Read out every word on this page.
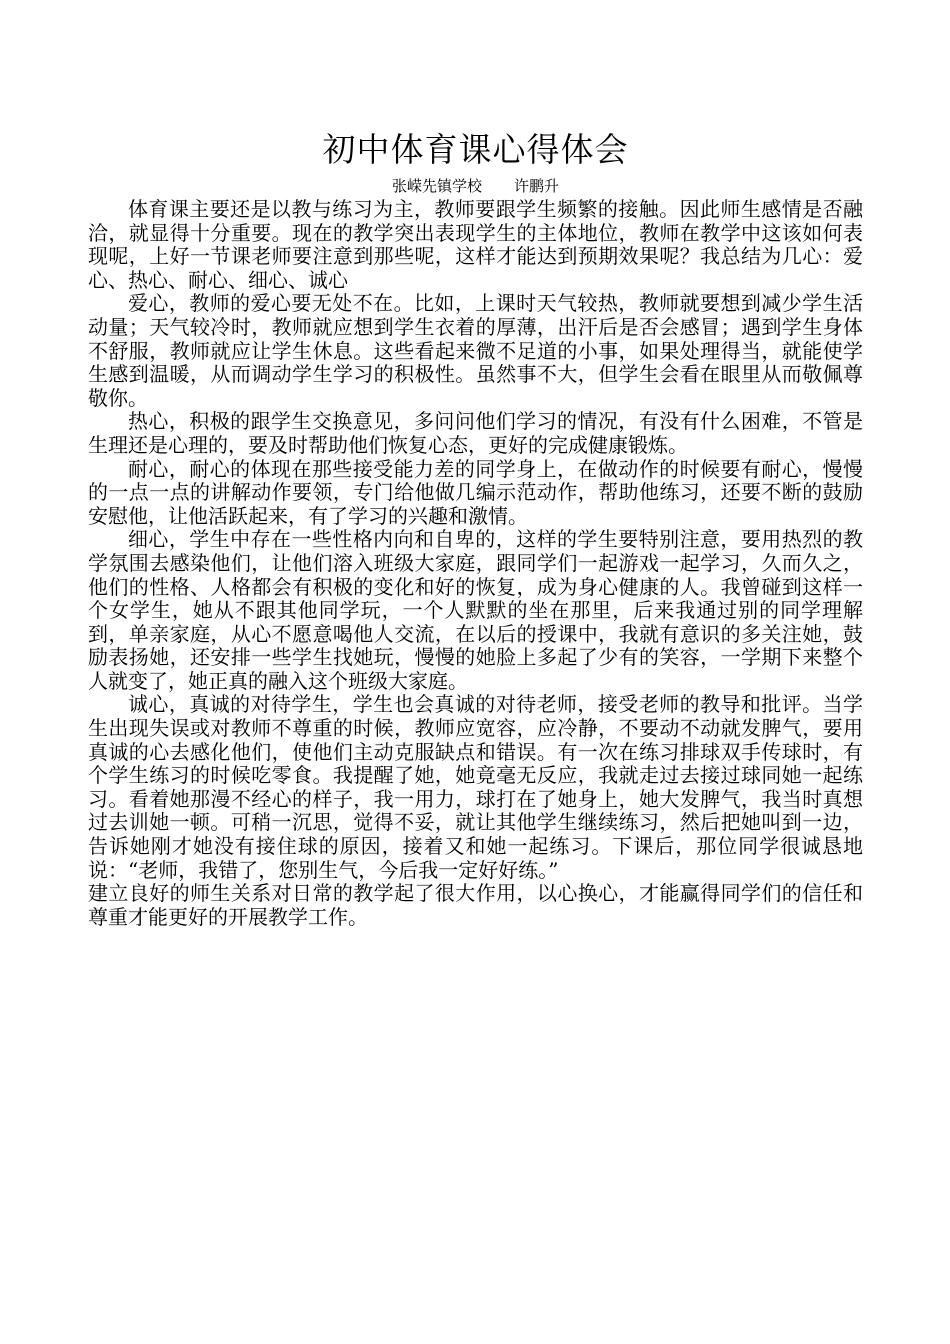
初中体育课心得体会
张嵘先镇学校 许鹏升

体育课主要还是以教与练习为主，教师要跟学生频繁的接触。因此师生感情是否融洽，就显得十分重要。现在的教学突出表现学生的主体地位，教师在教学中这该如何表现呢，上好一节课老师要注意到那些呢，这样才能达到预期效果呢？我总结为几心：爱心、热心、耐心、细心、诚心

爱心，教师的爱心要无处不在。比如，上课时天气较热，教师就要想到减少学生活动量；天气较冷时，教师就应想到学生衣着的厚薄，出汗后是否会感冒；遇到学生身体不舒服，教师就应让学生休息。这些看起来微不足道的小事，如果处理得当，就能使学生感到温暖，从而调动学生学习的积极性。虽然事不大，但学生会看在眼里从而敬佩尊敬你。

热心，积极的跟学生交换意见，多问问他们学习的情况，有没有什么困难，不管是生理还是心理的，要及时帮助他们恢复心态，更好的完成健康锻炼。

耐心，耐心的体现在那些接受能力差的同学身上，在做动作的时候要有耐心，慢慢的一点一点的讲解动作要领，专门给他做几编示范动作，帮助他练习，还要不断的鼓励安慰他，让他活跃起来，有了学习的兴趣和激情。

细心，学生中存在一些性格内向和自卑的，这样的学生要特别注意，要用热烈的教学氛围去感染他们，让他们溶入班级大家庭，跟同学们一起游戏一起学习，久而久之，他们的性格、人格都会有积极的变化和好的恢复，成为身心健康的人。我曾碰到这样一个女学生，她从不跟其他同学玩，一个人默默的坐在那里，后来我通过别的同学理解到，单亲家庭，从心不愿意喝他人交流，在以后的授课中，我就有意识的多关注她，鼓励表扬她，还安排一些学生找她玩，慢慢的她脸上多起了少有的笑容，一学期下来整个人就变了，她正真的融入这个班级大家庭。

诚心，真诚的对待学生，学生也会真诚的对待老师，接受老师的教导和批评。当学生出现失误或对教师不尊重的时候，教师应宽容，应冷静，不要动不动就发脾气，要用真诚的心去感化他们，使他们主动克服缺点和错误。有一次在练习排球双手传球时，有个学生练习的时候吃零食。我提醒了她，她竟毫无反应，我就走过去接过球同她一起练习。看着她那漫不经心的样子，我一用力，球打在了她身上，她大发脾气，我当时真想过去训她一顿。可稍一沉思，觉得不妥，就让其他学生继续练习，然后把她叫到一边，告诉她刚才她没有接住球的原因，接着又和她一起练习。下课后，那位同学很诚恳地说：“老师，我错了，您别生气，今后我一定好好练。”

建立良好的师生关系对日常的教学起了很大作用，以心换心，才能赢得同学们的信任和尊重才能更好的开展教学工作。
